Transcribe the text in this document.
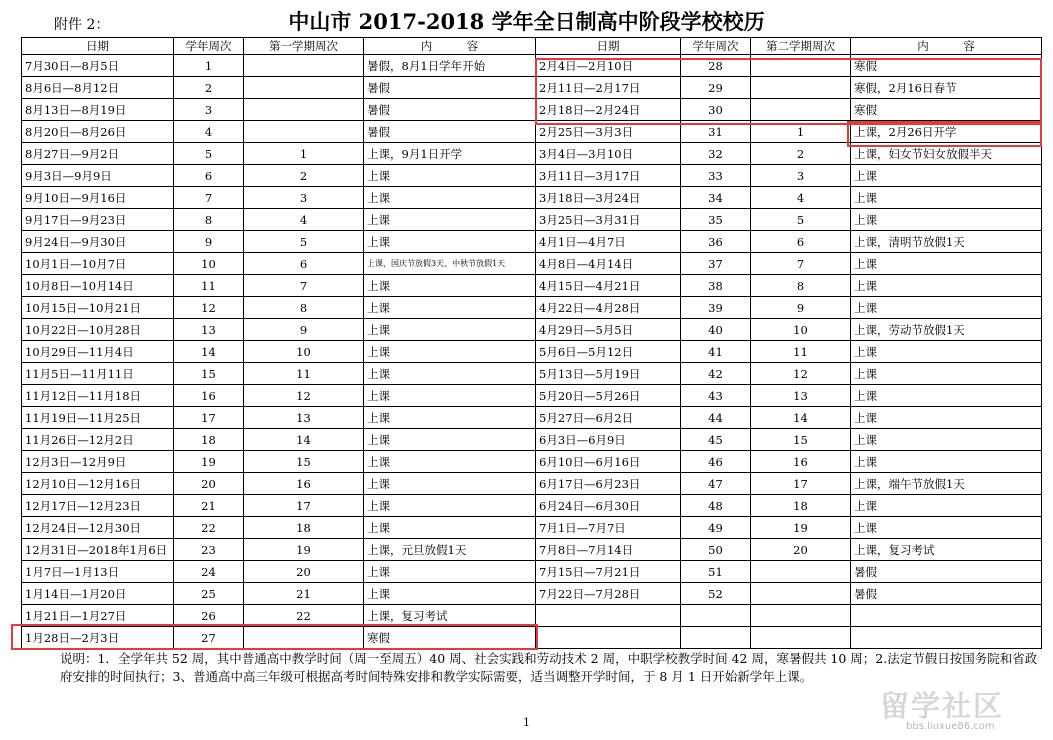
附件 2：	中山市 2017-2018 学年全日制高中阶段学校校历
日期	学年周次	第一学期周次	内　　　容	日期	学年周次	第二学期周次	内　　　容
7月30日—8月5日	1		暑假，8月1日学年开始	2月4日—2月10日	28		寒假
8月6日—8月12日	2		暑假	2月11日—2月17日	29		寒假，2月16日春节
8月13日—8月19日	3		暑假	2月18日—2月24日	30		寒假
8月20日—8月26日	4		暑假	2月25日—3月3日	31	1	上课，2月26日开学
8月27日—9月2日	5	1	上课，9月1日开学	3月4日—3月10日	32	2	上课，妇女节妇女放假半天
9月3日—9月9日	6	2	上课	3月11日—3月17日	33	3	上课
9月10日—9月16日	7	3	上课	3月18日—3月24日	34	4	上课
9月17日—9月23日	8	4	上课	3月25日—3月31日	35	5	上课
9月24日—9月30日	9	5	上课	4月1日—4月7日	36	6	上课，清明节放假1天
10月1日—10月7日	10	6	上课，国庆节放假3天、中秋节放假1天	4月8日—4月14日	37	7	上课
10月8日—10月14日	11	7	上课	4月15日—4月21日	38	8	上课
10月15日—10月21日	12	8	上课	4月22日—4月28日	39	9	上课
10月22日—10月28日	13	9	上课	4月29日—5月5日	40	10	上课，劳动节放假1天
10月29日—11月4日	14	10	上课	5月6日—5月12日	41	11	上课
11月5日—11月11日	15	11	上课	5月13日—5月19日	42	12	上课
11月12日—11月18日	16	12	上课	5月20日—5月26日	43	13	上课
11月19日—11月25日	17	13	上课	5月27日—6月2日	44	14	上课
11月26日—12月2日	18	14	上课	6月3日—6月9日	45	15	上课
12月3日—12月9日	19	15	上课	6月10日—6月16日	46	16	上课
12月10日—12月16日	20	16	上课	6月17日—6月23日	47	17	上课，端午节放假1天
12月17日—12月23日	21	17	上课	6月24日—6月30日	48	18	上课
12月24日—12月30日	22	18	上课	7月1日—7月7日	49	19	上课
12月31日—2018年1月6日	23	19	上课，元旦放假1天	7月8日—7月14日	50	20	上课，复习考试
1月7日—1月13日	24	20	上课	7月15日—7月21日	51		暑假
1月14日—1月20日	25	21	上课	7月22日—7月28日	52		暑假
1月21日—1月27日	26	22	上课，复习考试				
1月28日—2月3日	27		寒假				
说明：1．全学年共 52 周，其中普通高中教学时间（周一至周五）40 周、社会实践和劳动技术 2 周，中职学校教学时间 42 周，寒暑假共 10 周；2.法定节假日按国务院和省政府安排的时间执行；3、普通高中高三年级可根据高考时间特殊安排和教学实际需要，适当调整开学时间，于 8 月 1 日开始新学年上课。
1	留学社区
bbs.liuxue86.com
